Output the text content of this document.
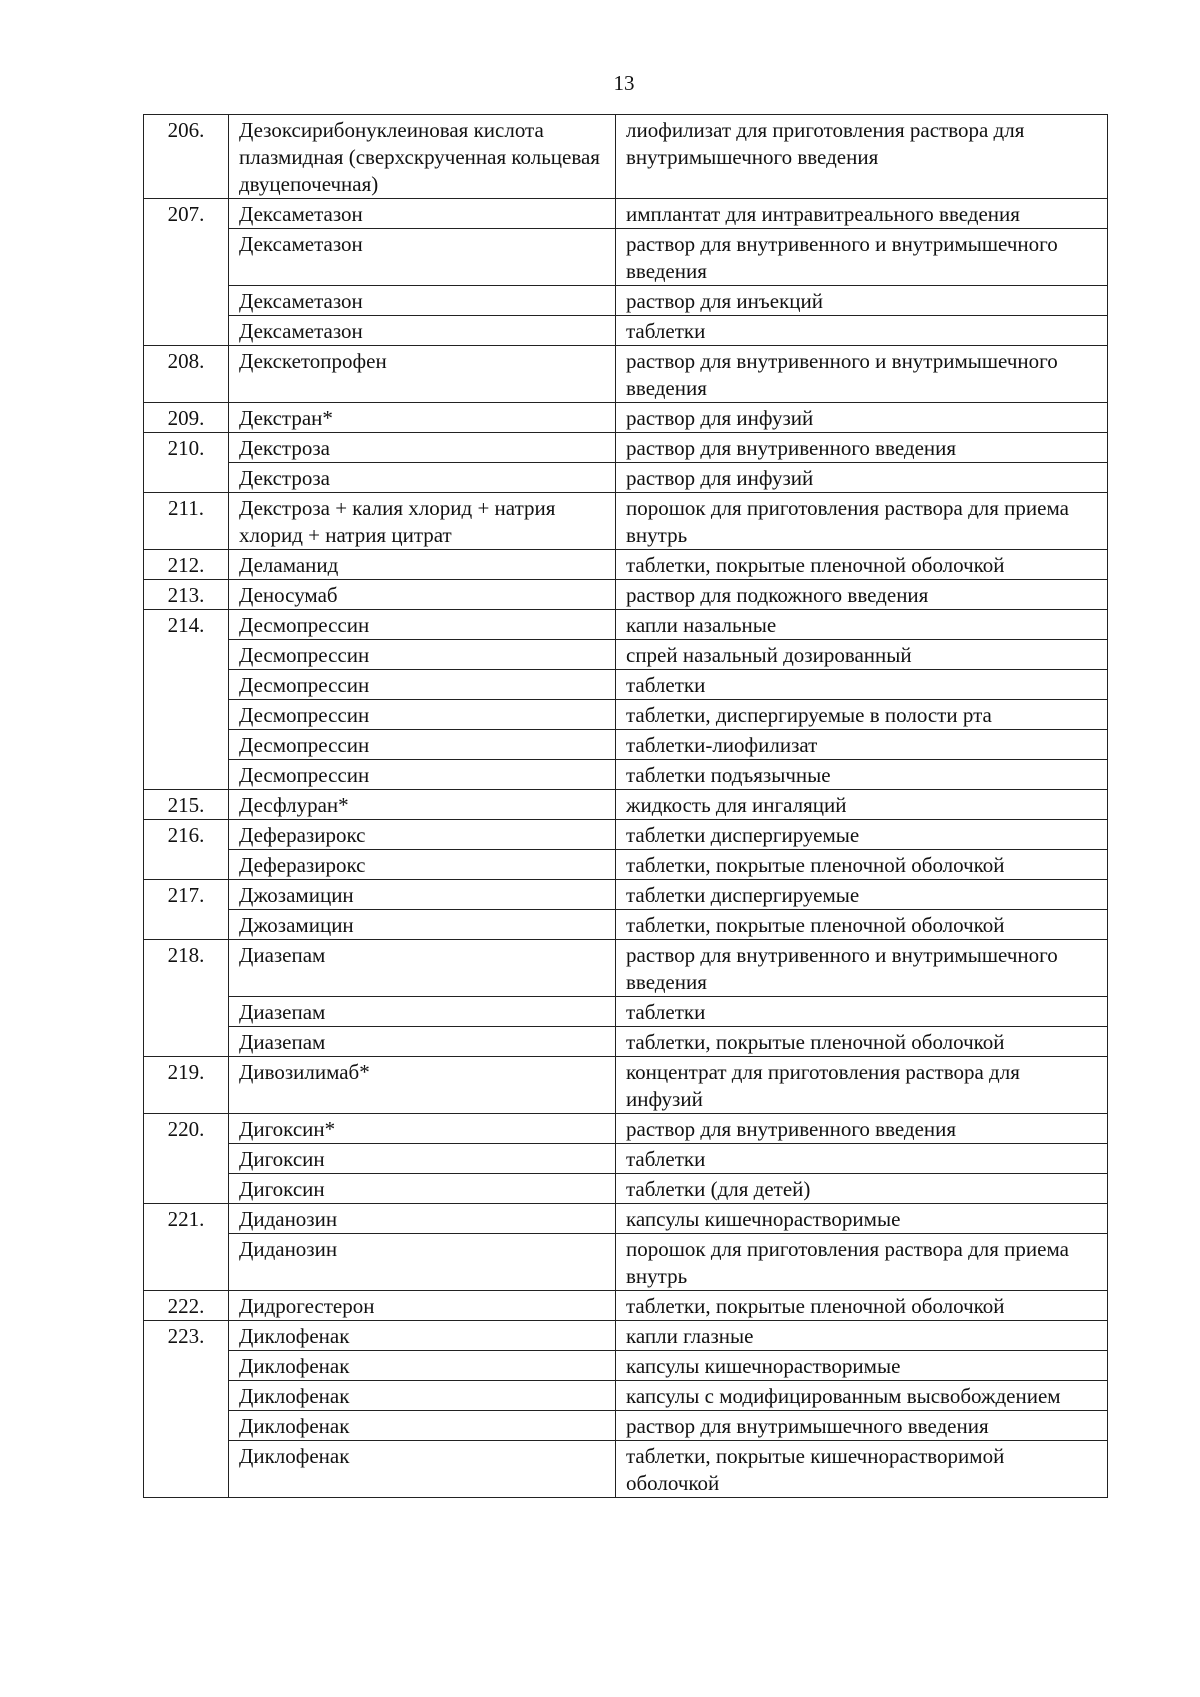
13
206.	Дезоксирибонуклеиновая кислота плазмидная (сверхскрученная кольцевая двуцепочечная)	лиофилизат для приготовления раствора для внутримышечного введения
207.	Дексаметазон	имплантат для интравитреального введения
	Дексаметазон	раствор для внутривенного и внутримышечного введения
	Дексаметазон	раствор для инъекций
	Дексаметазон	таблетки
208.	Декскетопрофен	раствор для внутривенного и внутримышечного введения
209.	Декстран*	раствор для инфузий
210.	Декстроза	раствор для внутривенного введения
	Декстроза	раствор для инфузий
211.	Декстроза + калия хлорид + натрия хлорид + натрия цитрат	порошок для приготовления раствора для приема внутрь
212.	Деламанид	таблетки, покрытые пленочной оболочкой
213.	Деносумаб	раствор для подкожного введения
214.	Десмопрессин	капли назальные
	Десмопрессин	спрей назальный дозированный
	Десмопрессин	таблетки
	Десмопрессин	таблетки, диспергируемые в полости рта
	Десмопрессин	таблетки-лиофилизат
	Десмопрессин	таблетки подъязычные
215.	Десфлуран*	жидкость для ингаляций
216.	Деферазирокс	таблетки диспергируемые
	Деферазирокс	таблетки, покрытые пленочной оболочкой
217.	Джозамицин	таблетки диспергируемые
	Джозамицин	таблетки, покрытые пленочной оболочкой
218.	Диазепам	раствор для внутривенного и внутримышечного введения
	Диазепам	таблетки
	Диазепам	таблетки, покрытые пленочной оболочкой
219.	Дивозилимаб*	концентрат для приготовления раствора для инфузий
220.	Дигоксин*	раствор для внутривенного введения
	Дигоксин	таблетки
	Дигоксин	таблетки (для детей)
221.	Диданозин	капсулы кишечнорастворимые
	Диданозин	порошок для приготовления раствора для приема внутрь
222.	Дидрогестерон	таблетки, покрытые пленочной оболочкой
223.	Диклофенак	капли глазные
	Диклофенак	капсулы кишечнорастворимые
	Диклофенак	капсулы с модифицированным высвобождением
	Диклофенак	раствор для внутримышечного введения
	Диклофенак	таблетки, покрытые кишечнорастворимой оболочкой
